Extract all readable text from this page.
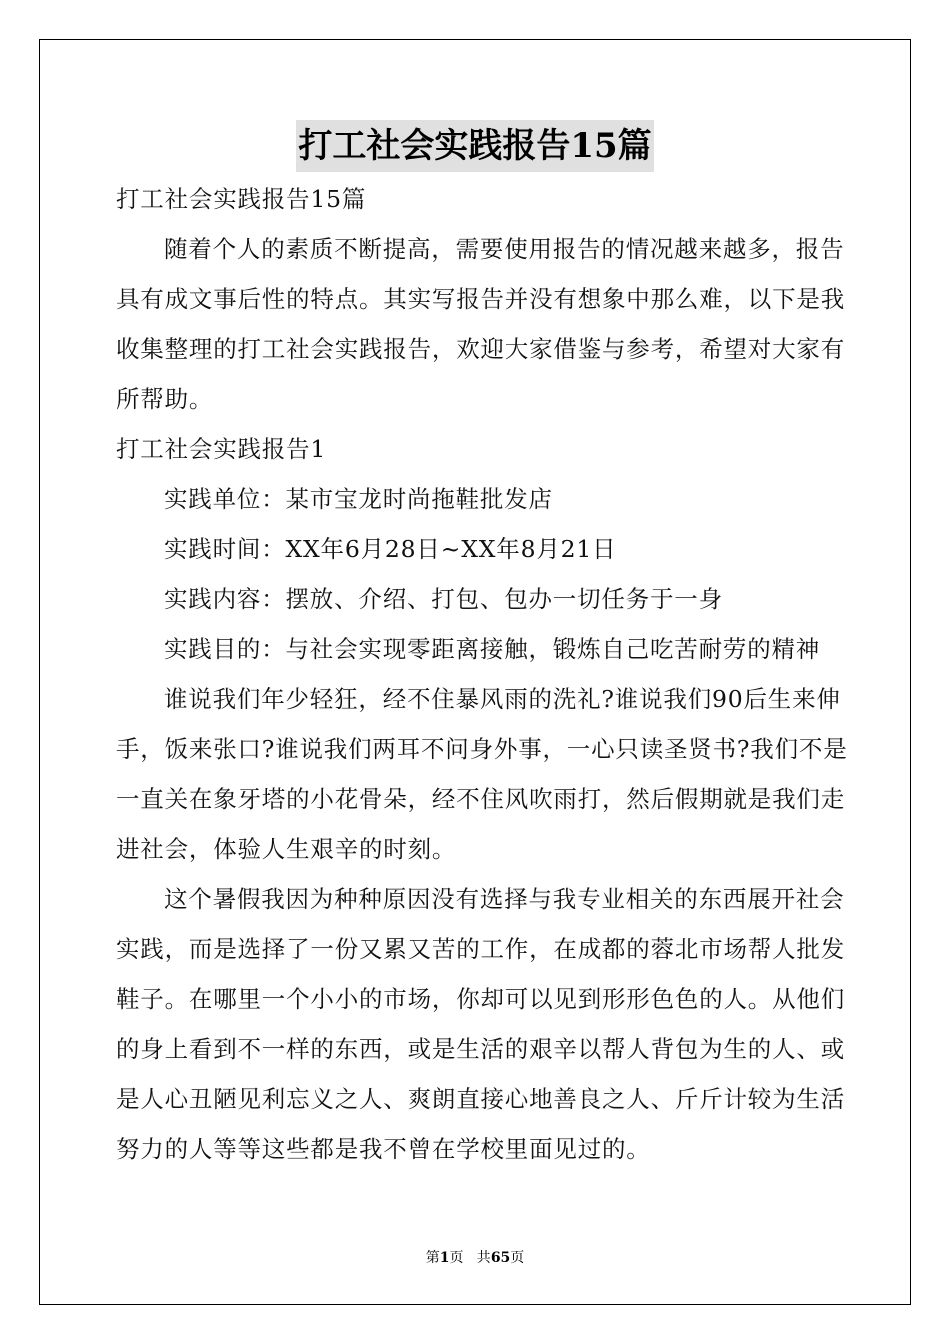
打工社会实践报告15篇
打工社会实践报告15篇
随着个人的素质不断提高，需要使用报告的情况越来越多，报告
具有成文事后性的特点。其实写报告并没有想象中那么难，以下是我
收集整理的打工社会实践报告，欢迎大家借鉴与参考，希望对大家有
所帮助。
打工社会实践报告1
实践单位：某市宝龙时尚拖鞋批发店
实践时间：XX年6月28日~XX年8月21日
实践内容：摆放、介绍、打包、包办一切任务于一身
实践目的：与社会实现零距离接触，锻炼自己吃苦耐劳的精神
谁说我们年少轻狂，经不住暴风雨的洗礼?谁说我们90后生来伸
手，饭来张口?谁说我们两耳不问身外事，一心只读圣贤书?我们不是
一直关在象牙塔的小花骨朵，经不住风吹雨打，然后假期就是我们走
进社会，体验人生艰辛的时刻。
这个暑假我因为种种原因没有选择与我专业相关的东西展开社会
实践，而是选择了一份又累又苦的工作，在成都的蓉北市场帮人批发
鞋子。在哪里一个小小的市场，你却可以见到形形色色的人。从他们
的身上看到不一样的东西，或是生活的艰辛以帮人背包为生的人、或
是人心丑陋见利忘义之人、爽朗直接心地善良之人、斤斤计较为生活
努力的人等等这些都是我不曾在学校里面见过的。
第1页   共65页
